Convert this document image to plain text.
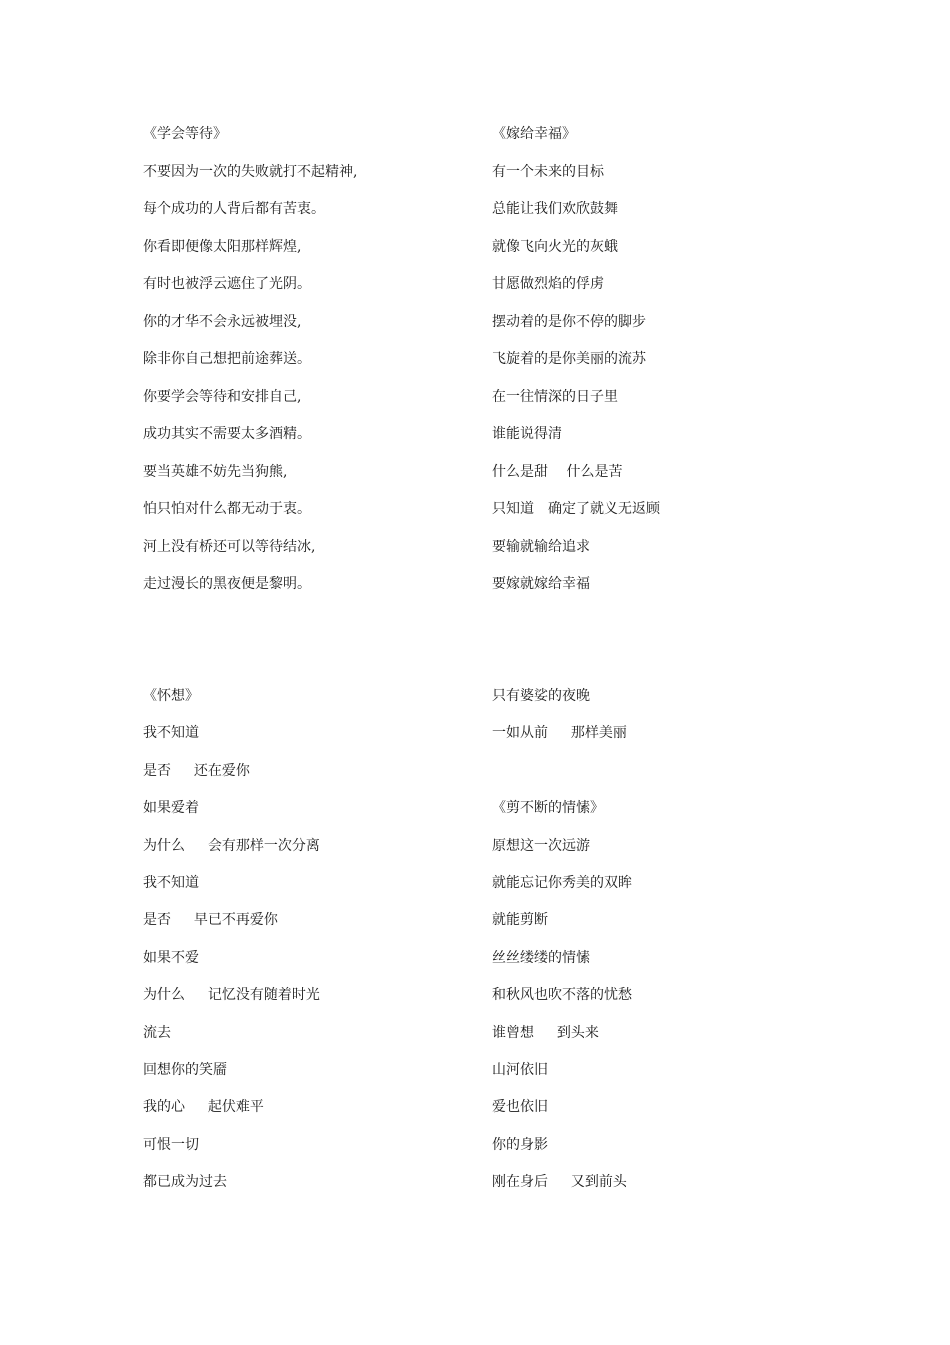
《学会等待》

不要因为一次的失败就打不起精神,

每个成功的人背后都有苦衷。

你看即便像太阳那样辉煌,

有时也被浮云遮住了光阴。

你的才华不会永远被埋没,

除非你自己想把前途葬送。

你要学会等待和安排自己,

成功其实不需要太多酒精。

要当英雄不妨先当狗熊,

怕只怕对什么都无动于衷。

河上没有桥还可以等待结冰,

走过漫长的黑夜便是黎明。

《嫁给幸福》

有一个未来的目标

总能让我们欢欣鼓舞

就像飞向火光的灰蛾

甘愿做烈焰的俘虏

摆动着的是你不停的脚步

飞旋着的是你美丽的流苏

在一往情深的日子里

谁能说得清

什么是甜　 什么是苦

只知道　确定了就义无返顾

要输就输给追求

要嫁就嫁给幸福

《怀想》

我不知道

是否　  还在爱你

如果爱着

为什么　  会有那样一次分离

我不知道

是否　  早已不再爱你

如果不爱

为什么　  记忆没有随着时光

流去

回想你的笑靥

我的心　  起伏难平

可恨一切

都已成为过去

只有婆娑的夜晚

一如从前　  那样美丽

《剪不断的情愫》

原想这一次远游

就能忘记你秀美的双眸

就能剪断

丝丝缕缕的情愫

和秋风也吹不落的忧愁

谁曾想　  到头来

山河依旧

爱也依旧

你的身影

刚在身后　  又到前头
